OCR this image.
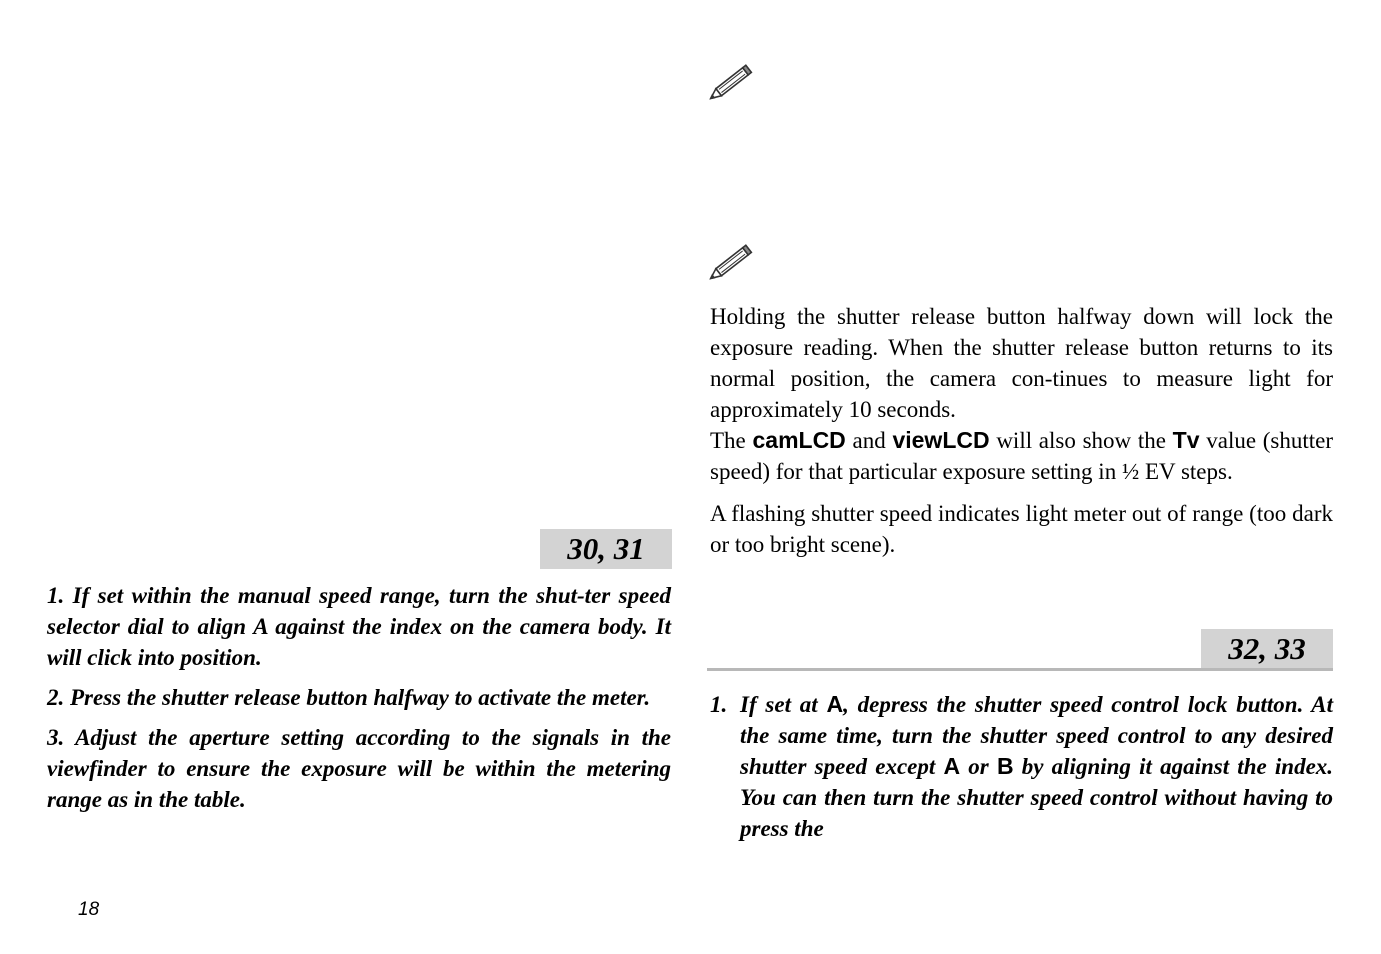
Holding the shutter release button halfway down will lock the exposure reading. When the shutter release button returns to its normal position, the camera con-tinues to measure light for approximately 10 seconds.

The camLCD and viewLCD will also show the Tv value (shutter speed) for that particular exposure setting in ½ EV steps.

A flashing shutter speed indicates light meter out of range (too dark or too bright scene).

30, 31
32, 33

1. If set within the manual speed range, turn the shut-ter speed selector dial to align A against the index on the camera body. It will click into position.

2. Press the shutter release button halfway to activate the meter.

3. Adjust the aperture setting according to the signals in the viewfinder to ensure the exposure will be within the metering range as in the table.

1. If set at A, depress the shutter speed control lock button. At the same time, turn the shutter speed control to any desired shutter speed except A or B by aligning it against the index. You can then turn the shutter speed control without having to press the
18
